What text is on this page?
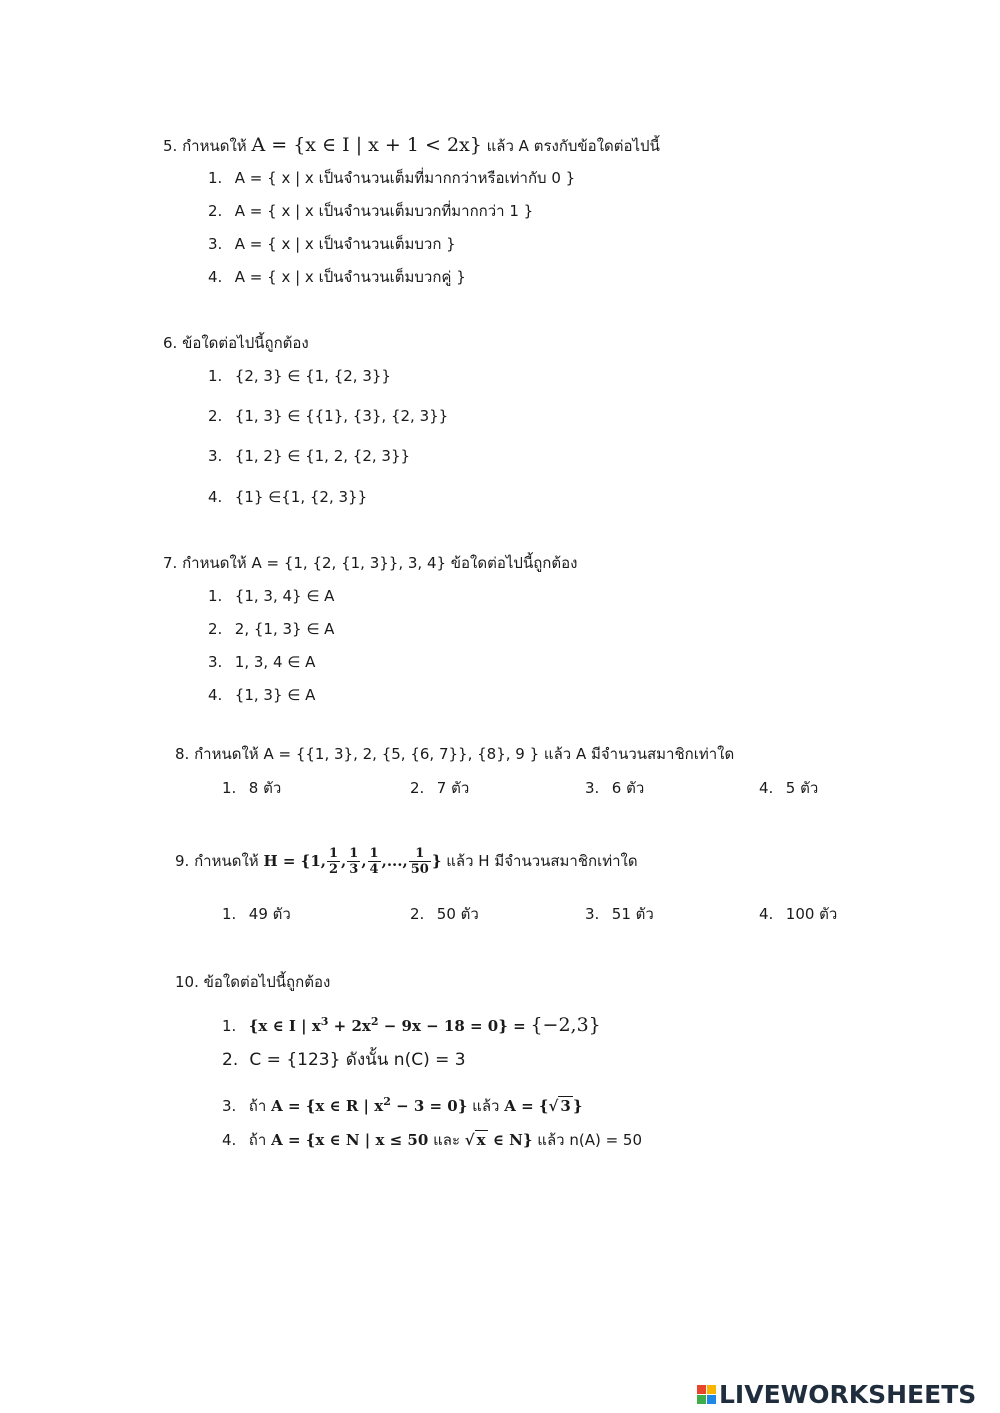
5. กำหนดให้ A = {x ∈ I | x + 1 < 2x} แล้ว A ตรงกับข้อใดต่อไปนี้
1. A = { x | x เป็นจำนวนเต็มที่มากกว่าหรือเท่ากับ 0 }
2. A = { x | x เป็นจำนวนเต็มบวกที่มากกว่า 1 }
3. A = { x | x เป็นจำนวนเต็มบวก }
4. A = { x | x เป็นจำนวนเต็มบวกคู่ }
6. ข้อใดต่อไปนี้ถูกต้อง
1. {2, 3} ∈ {1, {2, 3}}
2. {1, 3} ∈ {{1}, {3}, {2, 3}}
3. {1, 2} ∈ {1, 2, {2, 3}}
4. {1} ∈{1, {2, 3}}
7. กำหนดให้ A = {1, {2, {1, 3}}, 3, 4} ข้อใดต่อไปนี้ถูกต้อง
1. {1, 3, 4} ∈ A
2. 2, {1, 3} ∈ A
3. 1, 3, 4 ∈ A
4. {1, 3} ∈ A
8. กำหนดให้ A = {{1, 3}, 2, {5, {6, 7}}, {8}, 9 } แล้ว A มีจำนวนสมาชิกเท่าใด
1. 8 ตัว	2. 7 ตัว	3. 6 ตัว	4. 5 ตัว
9. กำหนดให้ H = {1, $\frac{1}{2}$ , $\frac{1}{3}$ , $\frac{1}{4}$ ,..., $\frac{1}{50}$ } แล้ว H มีจำนวนสมาชิกเท่าใด
1. 49 ตัว	2. 50 ตัว	3. 51 ตัว	4. 100 ตัว
10. ข้อใดต่อไปนี้ถูกต้อง
1. {x ∈ I | $x^3 + 2x^2 - 9x - 18 = 0\} = \{-2,3\}$
2. C = {123} ดังนั้น n(C) = 3
3. ถ้า A = {x ∈ R | $x^2 - 3 = 0$} แล้ว A = {√ 3 }
4. ถ้า A = {x ∈ N | x ≤ 50 และ √ x ∈ N} แล้ว n(A) = 50
LIVEWORKSHEETS
